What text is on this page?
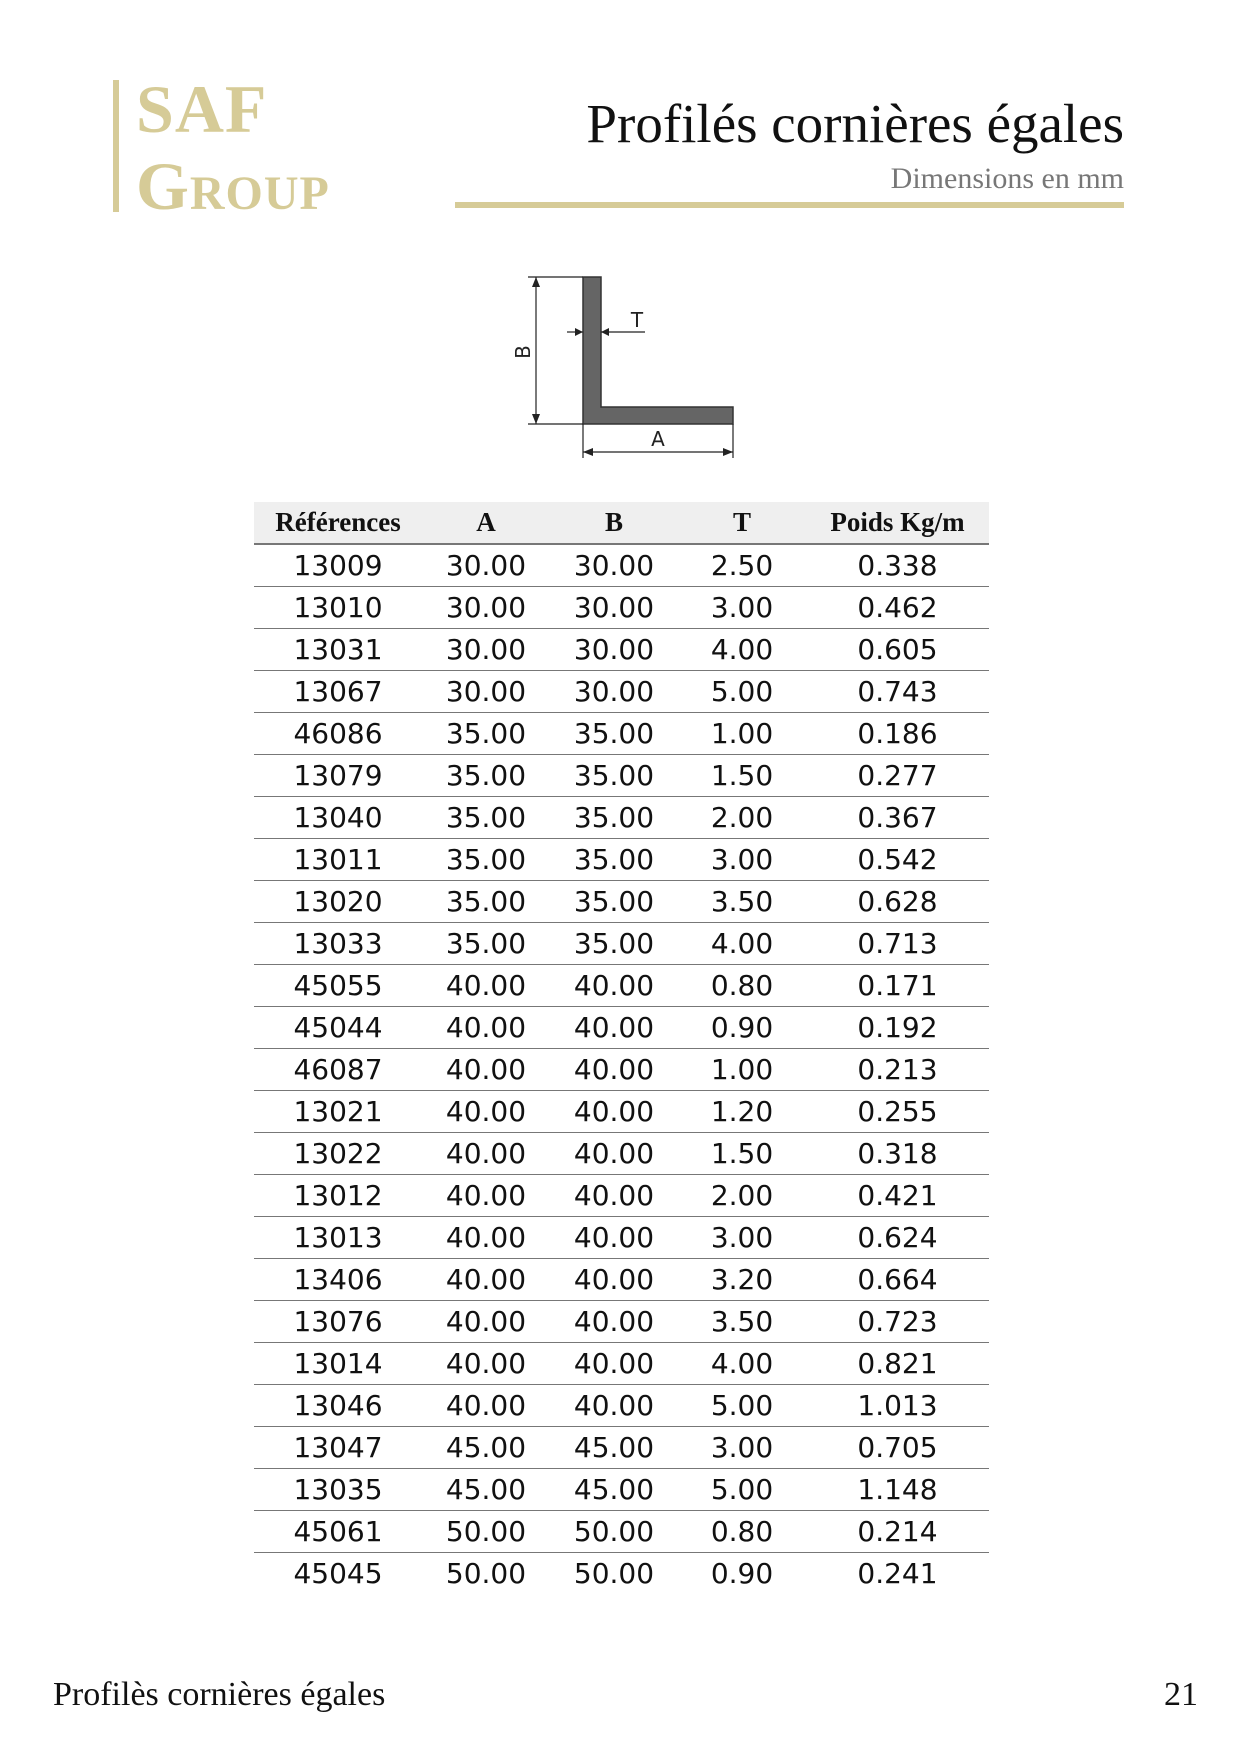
SAF
Group
Profilés cornières égales
Dimensions en mm
B
T
A
Références	A	B	T	Poids Kg/m
13009	30.00	30.00	2.50	0.338
13010	30.00	30.00	3.00	0.462
13031	30.00	30.00	4.00	0.605
13067	30.00	30.00	5.00	0.743
46086	35.00	35.00	1.00	0.186
13079	35.00	35.00	1.50	0.277
13040	35.00	35.00	2.00	0.367
13011	35.00	35.00	3.00	0.542
13020	35.00	35.00	3.50	0.628
13033	35.00	35.00	4.00	0.713
45055	40.00	40.00	0.80	0.171
45044	40.00	40.00	0.90	0.192
46087	40.00	40.00	1.00	0.213
13021	40.00	40.00	1.20	0.255
13022	40.00	40.00	1.50	0.318
13012	40.00	40.00	2.00	0.421
13013	40.00	40.00	3.00	0.624
13406	40.00	40.00	3.20	0.664
13076	40.00	40.00	3.50	0.723
13014	40.00	40.00	4.00	0.821
13046	40.00	40.00	5.00	1.013
13047	45.00	45.00	3.00	0.705
13035	45.00	45.00	5.00	1.148
45061	50.00	50.00	0.80	0.214
45045	50.00	50.00	0.90	0.241
Profilès cornières égales	21
